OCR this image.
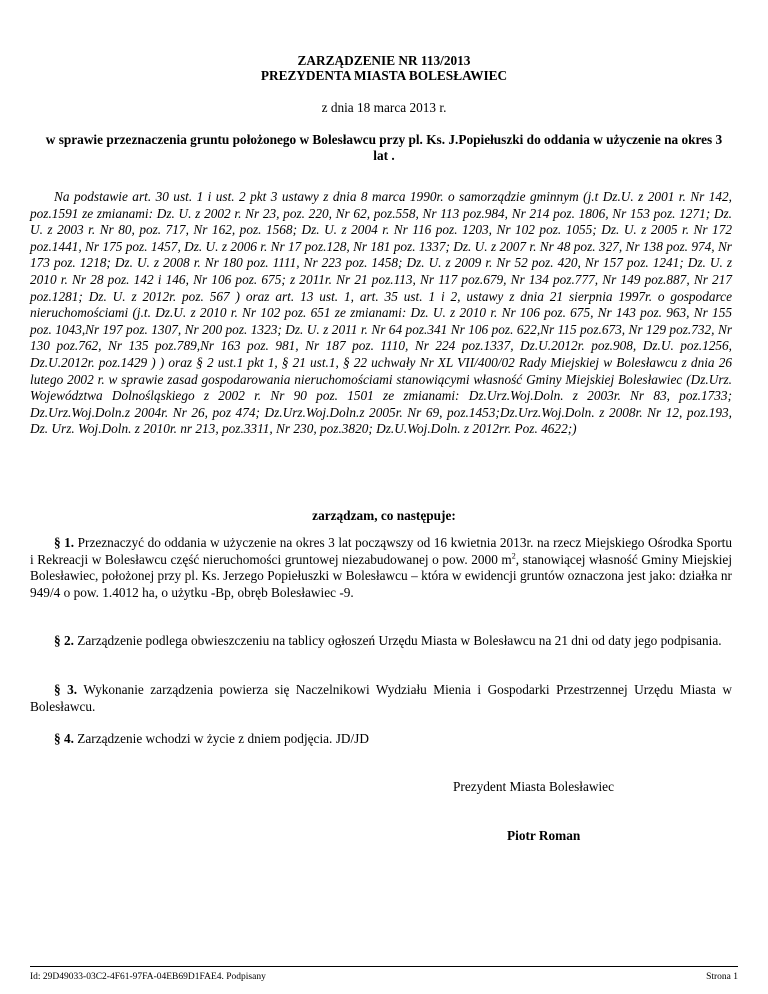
ZARZĄDZENIE NR 113/2013
PREZYDENTA MIASTA BOLESŁAWIEC
z dnia 18 marca 2013 r.
w sprawie przeznaczenia gruntu położonego w Bolesławcu przy pl. Ks. J.Popiełuszki do oddania w użyczenie na okres 3 lat .
Na podstawie art. 30 ust. 1 i ust. 2 pkt 3 ustawy z dnia 8 marca 1990r. o samorządzie gminnym (j.t Dz.U. z 2001 r. Nr 142, poz.1591 ze zmianami: Dz. U. z 2002 r. Nr 23, poz. 220, Nr 62, poz.558, Nr 113 poz.984, Nr 214 poz. 1806, Nr 153 poz. 1271; Dz. U. z 2003 r. Nr 80, poz. 717, Nr 162, poz. 1568; Dz. U. z 2004 r. Nr 116 poz. 1203, Nr 102 poz. 1055; Dz. U. z 2005 r. Nr 172 poz.1441, Nr 175 poz. 1457, Dz. U. z 2006 r. Nr 17 poz.128, Nr 181 poz. 1337; Dz. U. z 2007 r. Nr 48 poz. 327, Nr 138 poz. 974, Nr 173 poz. 1218; Dz. U. z 2008 r. Nr 180 poz. 1111, Nr 223 poz. 1458; Dz. U. z 2009 r. Nr 52 poz. 420, Nr 157 poz. 1241; Dz. U. z 2010 r. Nr 28 poz. 142 i 146, Nr 106 poz. 675; z 2011r. Nr 21 poz.113, Nr 117 poz.679, Nr 134 poz.777, Nr 149 poz.887, Nr 217 poz.1281; Dz. U. z 2012r. poz. 567 ) oraz art. 13 ust. 1, art. 35 ust. 1 i 2, ustawy z dnia 21 sierpnia 1997r. o gospodarce nieruchomościami (j.t. Dz.U. z 2010 r. Nr 102 poz. 651 ze zmianami: Dz. U. z 2010 r. Nr 106 poz. 675, Nr 143 poz. 963, Nr 155 poz. 1043,Nr 197 poz. 1307, Nr 200 poz. 1323; Dz. U. z 2011 r. Nr 64 poz.341 Nr 106 poz. 622,Nr 115 poz.673, Nr 129 poz.732, Nr 130 poz.762, Nr 135 poz.789,Nr 163 poz. 981, Nr 187 poz. 1110, Nr 224 poz.1337, Dz.U.2012r. poz.908, Dz.U. poz.1256, Dz.U.2012r. poz.1429 ) ) oraz § 2 ust.1 pkt 1, § 21 ust.1, § 22 uchwały Nr XL VII/400/02 Rady Miejskiej w Bolesławcu z dnia 26 lutego 2002 r. w sprawie zasad gospodarowania nieruchomościami stanowiącymi własność Gminy Miejskiej Bolesławiec (Dz.Urz. Województwa Dolnośląskiego z 2002 r. Nr 90 poz. 1501 ze zmianami: Dz.Urz.Woj.Doln. z 2003r. Nr 83, poz.1733; Dz.Urz.Woj.Doln.z 2004r. Nr 26, poz 474; Dz.Urz.Woj.Doln.z 2005r. Nr 69, poz.1453;Dz.Urz.Woj.Doln. z 2008r. Nr 12, poz.193, Dz. Urz. Woj.Doln. z 2010r. nr 213, poz.3311, Nr 230, poz.3820; Dz.U.Woj.Doln. z 2012rr. Poz. 4622;)
zarządzam, co następuje:
§ 1. Przeznaczyć do oddania w użyczenie na okres 3 lat począwszy od 16 kwietnia 2013r. na rzecz Miejskiego Ośrodka Sportu i Rekreacji w Bolesławcu część nieruchomości gruntowej niezabudowanej o pow. 2000 $m^2$, stanowiącej własność Gminy Miejskiej Bolesławiec, położonej przy pl. Ks. Jerzego Popiełuszki w Bolesławcu – która w ewidencji gruntów oznaczona jest jako: działka nr 949/4 o pow. 1.4012 ha, o użytku -Bp, obręb Bolesławiec -9.
§ 2. Zarządzenie podlega obwieszczeniu na tablicy ogłoszeń Urzędu Miasta w Bolesławcu na 21 dni od daty jego podpisania.
§ 3. Wykonanie zarządzenia powierza się Naczelnikowi Wydziału Mienia i Gospodarki Przestrzennej Urzędu Miasta w Bolesławcu.
§ 4. Zarządzenie wchodzi w życie z dniem podjęcia. JD/JD
Prezydent Miasta Bolesławiec
Piotr Roman
Id: 29D49033-03C2-4F61-97FA-04EB69D1FAE4. Podpisany	Strona 1
